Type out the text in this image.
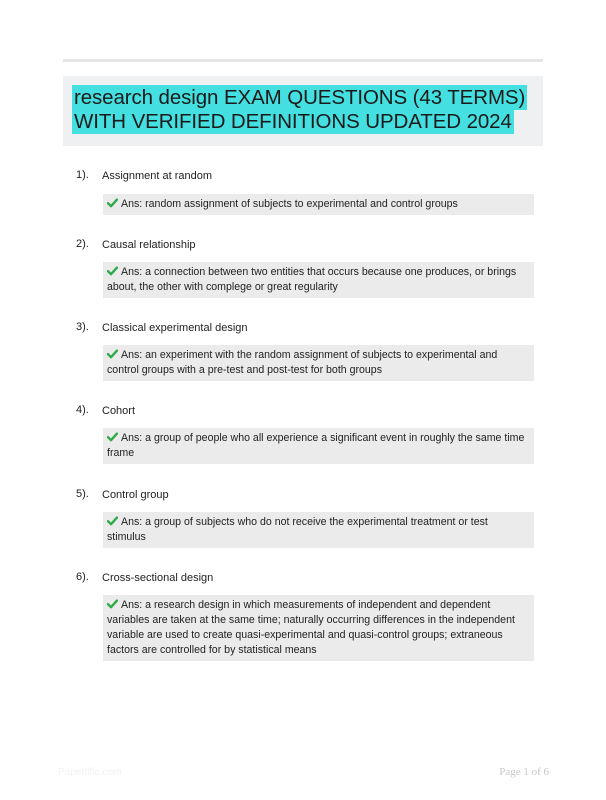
research design EXAM QUESTIONS (43 TERMS)
WITH VERIFIED DEFINITIONS UPDATED 2024
1). Assignment at random
Ans: random assignment of subjects to experimental and control groups
2). Causal relationship
Ans: a connection between two entities that occurs because one produces, or brings about, the other with complege or great regularity
3). Classical experimental design
Ans: an experiment with the random assignment of subjects to experimental and control groups with a pre-test and post-test for both groups
4). Cohort
Ans: a group of people who all experience a significant event in roughly the same time frame
5). Control group
Ans: a group of subjects who do not receive the experimental treatment or test stimulus
6). Cross-sectional design
Ans: a research design in which measurements of independent and dependent variables are taken at the same time; naturally occurring differences in the independent variable are used to create quasi-experimental and quasi-control groups; extraneous factors are controlled for by statistical means
Papertific.com	Page 1 of 6
